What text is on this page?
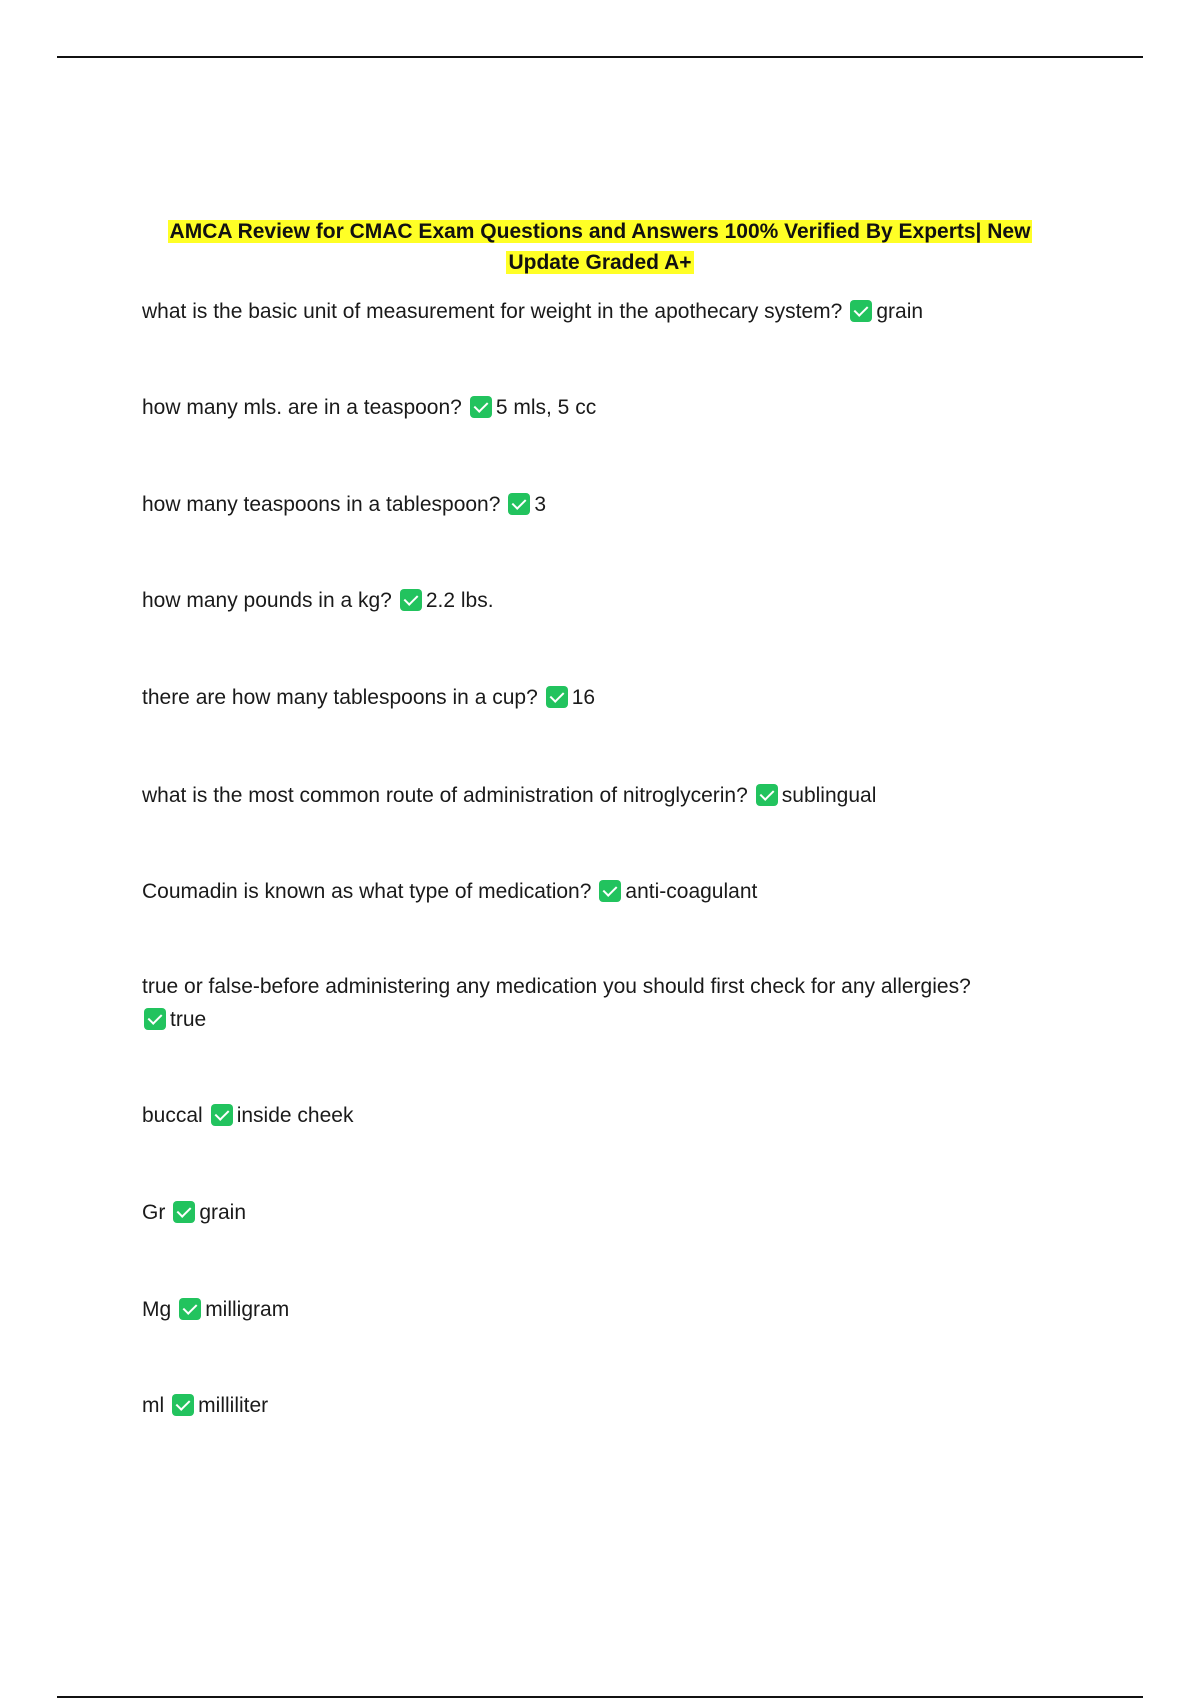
AMCA Review for CMAC Exam Questions and Answers 100% Verified By Experts| New
Update Graded A+
what is the basic unit of measurement for weight in the apothecary system? grain
how many mls. are in a teaspoon? 5 mls, 5 cc
how many teaspoons in a tablespoon? 3
how many pounds in a kg? 2.2 lbs.
there are how many tablespoons in a cup? 16
what is the most common route of administration of nitroglycerin? sublingual
Coumadin is known as what type of medication? anti-coagulant
true or false-before administering any medication you should first check for any allergies?
true
buccal inside cheek
Gr grain
Mg milligram
ml milliliter
